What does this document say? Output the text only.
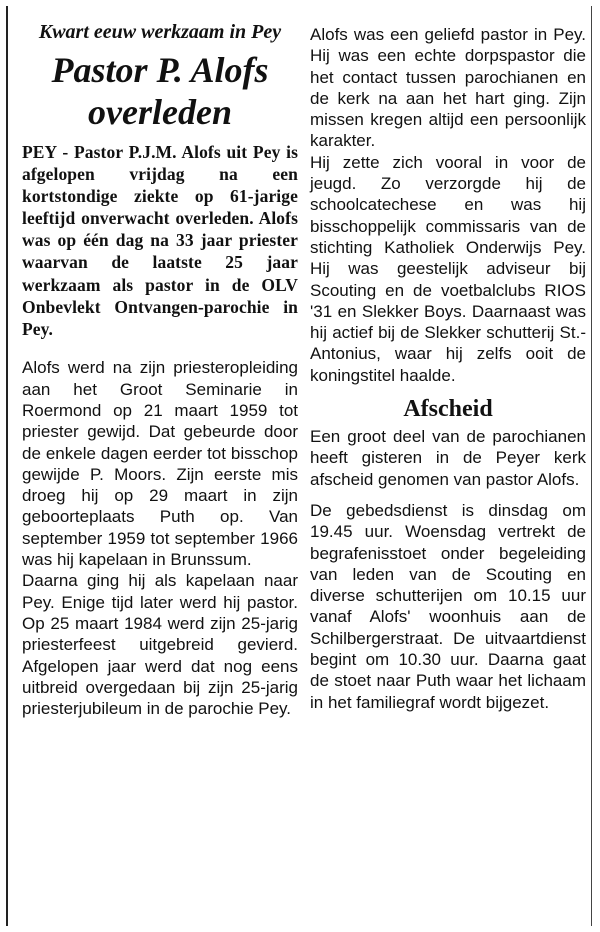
Kwart eeuw werkzaam in Pey
Pastor P. Alofs overleden

PEY - Pastor P.J.M. Alofs uit Pey is afgelopen vrijdag na een kortstondige ziekte op 61-jarige leeftijd onverwacht overleden. Alofs was op één dag na 33 jaar priester waarvan de laatste 25 jaar werkzaam als pastor in de OLV Onbevlekt Ontvangen-parochie in Pey.

Alofs werd na zijn priesteropleiding aan het Groot Seminarie in Roermond op 21 maart 1959 tot priester gewijd. Dat gebeurde door de enkele dagen eerder tot bisschop gewijde P. Moors. Zijn eerste mis droeg hij op 29 maart in zijn geboorteplaats Puth op. Van september 1959 tot september 1966 was hij kapelaan in Brunssum.

Daarna ging hij als kapelaan naar Pey. Enige tijd later werd hij pastor. Op 25 maart 1984 werd zijn 25-jarig priesterfeest uitgebreid gevierd. Afgelopen jaar werd dat nog eens uitbreid overgedaan bij zijn 25-jarig priesterjubileum in de parochie Pey.

Alofs was een geliefd pastor in Pey. Hij was een echte dorpspastor die het contact tussen parochianen en de kerk na aan het hart ging. Zijn missen kregen altijd een persoonlijk karakter.

Hij zette zich vooral in voor de jeugd. Zo verzorgde hij de schoolcatechese en was hij bisschoppelijk commissaris van de stichting Katholiek Onderwijs Pey. Hij was geestelijk adviseur bij Scouting en de voetbalclubs RIOS '31 en Slekker Boys. Daarnaast was hij actief bij de Slekker schutterij St.-Antonius, waar hij zelfs ooit de koningstitel haalde.

Afscheid

Een groot deel van de parochianen heeft gisteren in de Peyer kerk afscheid genomen van pastor Alofs.

De gebedsdienst is dinsdag om 19.45 uur. Woensdag vertrekt de begrafenisstoet onder begeleiding van leden van de Scouting en diverse schutterijen om 10.15 uur vanaf Alofs' woonhuis aan de Schilbergerstraat. De uitvaartdienst begint om 10.30 uur. Daarna gaat de stoet naar Puth waar het lichaam in het familiegraf wordt bijgezet.
